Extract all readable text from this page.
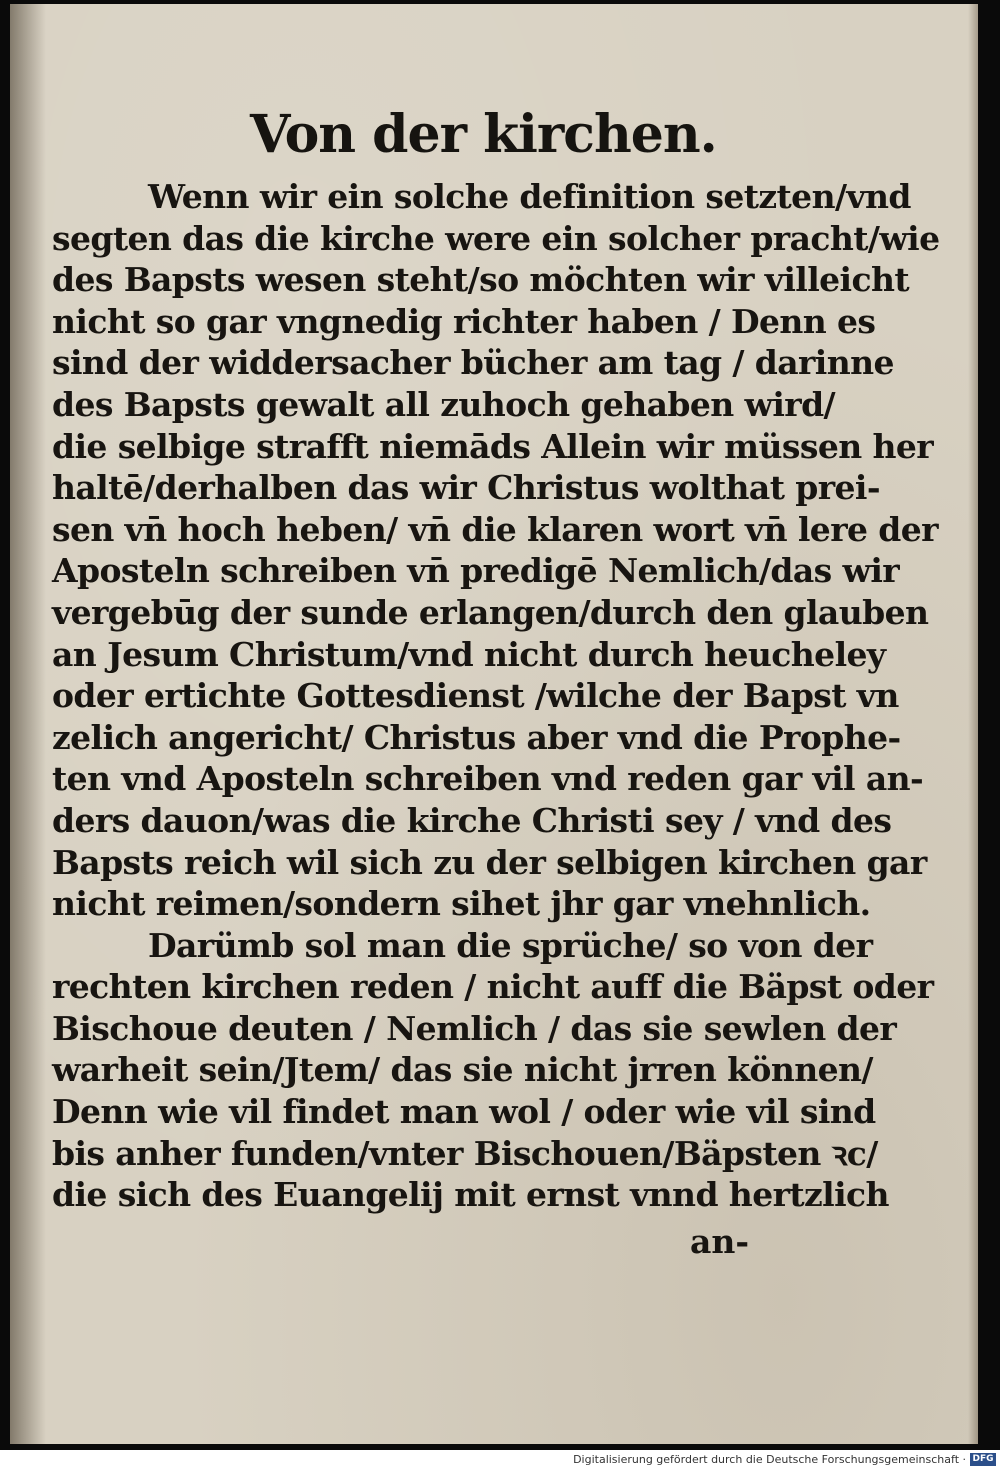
Von der kirchen.
Wenn wir ein solche definition setzten/vnd
segten das die kirche were ein solcher pracht/wie
des Bapsts wesen steht/so möchten wir villeicht
nicht so gar vngnedig richter haben / Denn es
sind der widdersacher bücher am tag / darinne
des Bapsts gewalt all zuhoch gehaben wird/
die selbige strafft niemāds Allein wir müssen her
haltē/derhalben das wir Christus wolthat prei-
sen vn̄ hoch heben/ vn̄ die klaren wort vn̄ lere der
Aposteln schreiben vn̄ predigē Nemlich/das wir
vergebūg der sunde erlangen/durch den glauben
an Jesum Christum/vnd nicht durch heucheley
oder ertichte Gottesdienst /wilche der Bapst vn
zelich angericht/ Christus aber vnd die Prophe-
ten vnd Aposteln schreiben vnd reden gar vil an-
ders dauon/was die kirche Christi sey / vnd des
Bapsts reich wil sich zu der selbigen kirchen gar
nicht reimen/sondern sihet jhr gar vnehnlich.
Darümb sol man die sprüche/ so von der
rechten kirchen reden / nicht auff die Bäpst oder
Bischoue deuten / Nemlich / das sie sewlen der
warheit sein/Jtem/ das sie nicht jrren können/
Denn wie vil findet man wol / oder wie vil sind
bis anher funden/vnter Bischouen/Bäpsten ꝛc/
die sich des Euangelij mit ernst vnnd hertzlich
an-
Digitalisierung gefördert durch die Deutsche Forschungsgemeinschaft · DFG
